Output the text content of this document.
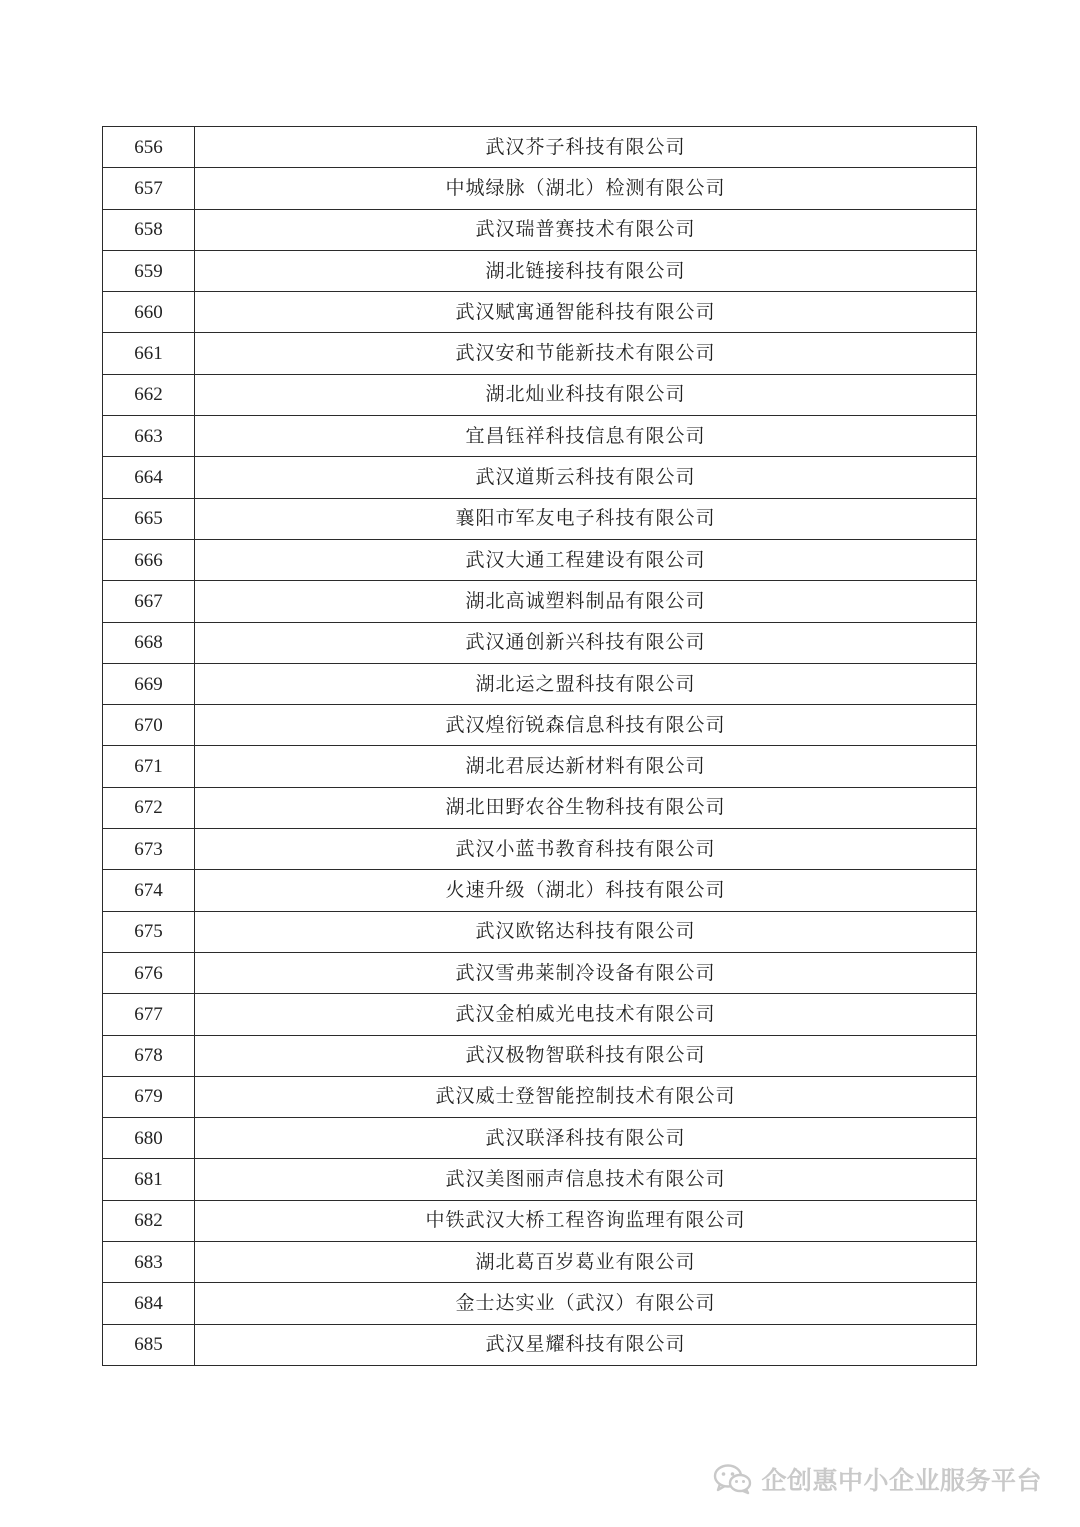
656	武汉芥子科技有限公司
657	中城绿脉（湖北）检测有限公司
658	武汉瑞普赛技术有限公司
659	湖北链接科技有限公司
660	武汉赋寓通智能科技有限公司
661	武汉安和节能新技术有限公司
662	湖北灿业科技有限公司
663	宜昌钰祥科技信息有限公司
664	武汉道斯云科技有限公司
665	襄阳市军友电子科技有限公司
666	武汉大通工程建设有限公司
667	湖北高诚塑料制品有限公司
668	武汉通创新兴科技有限公司
669	湖北运之盟科技有限公司
670	武汉煌衍锐森信息科技有限公司
671	湖北君辰达新材料有限公司
672	湖北田野农谷生物科技有限公司
673	武汉小蓝书教育科技有限公司
674	火速升级（湖北）科技有限公司
675	武汉欧铭达科技有限公司
676	武汉雪弗莱制冷设备有限公司
677	武汉金柏威光电技术有限公司
678	武汉极物智联科技有限公司
679	武汉威士登智能控制技术有限公司
680	武汉联泽科技有限公司
681	武汉美图丽声信息技术有限公司
682	中铁武汉大桥工程咨询监理有限公司
683	湖北葛百岁葛业有限公司
684	金士达实业（武汉）有限公司
685	武汉星耀科技有限公司
企创惠中小企业服务平台
